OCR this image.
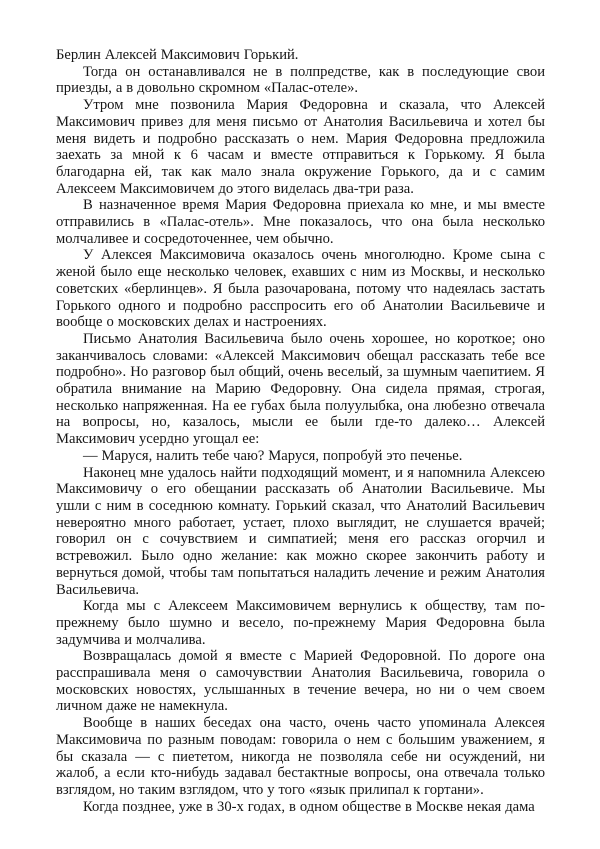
Берлин Алексей Максимович Горький.

Тогда он останавливался не в полпредстве, как в последующие свои приезды, а в довольно скромном «Палас-отеле».

Утром мне позвонила Мария Федоровна и сказала, что Алексей Максимович привез для меня письмо от Анатолия Васильевича и хотел бы меня видеть и подробно рассказать о нем. Мария Федоровна предложила заехать за мной к 6 часам и вместе отправиться к Горькому. Я была благодарна ей, так как мало знала окружение Горького, да и с самим Алексеем Максимовичем до этого виделась два-три раза.

В назначенное время Мария Федоровна приехала ко мне, и мы вместе отправились в «Палас-отель». Мне показалось, что она была несколько молчаливее и сосредоточеннее, чем обычно.

У Алексея Максимовича оказалось очень многолюдно. Кроме сына с женой было еще несколько человек, ехавших с ним из Москвы, и несколько советских «берлинцев». Я была разочарована, потому что надеялась застать Горького одного и подробно расспросить его об Анатолии Васильевиче и вообще о московских делах и настроениях.

Письмо Анатолия Васильевича было очень хорошее, но короткое; оно заканчивалось словами: «Алексей Максимович обещал рассказать тебе все подробно». Но разговор был общий, очень веселый, за шумным чаепитием. Я обратила внимание на Марию Федоровну. Она сидела прямая, строгая, несколько напряженная. На ее губах была полуулыбка, она любезно отвечала на вопросы, но, казалось, мысли ее были где-то далеко… Алексей Максимович усердно угощал ее:

— Маруся, налить тебе чаю? Маруся, попробуй это печенье.

Наконец мне удалось найти подходящий момент, и я напомнила Алексею Максимовичу о его обещании рассказать об Анатолии Васильевиче. Мы ушли с ним в соседнюю комнату. Горький сказал, что Анатолий Васильевич невероятно много работает, устает, плохо выглядит, не слушается врачей; говорил он с сочувствием и симпатией; меня его рассказ огорчил и встревожил. Было одно желание: как можно скорее закончить работу и вернуться домой, чтобы там попытаться наладить лечение и режим Анатолия Васильевича.

Когда мы с Алексеем Максимовичем вернулись к обществу, там по-прежнему было шумно и весело, по-прежнему Мария Федоровна была задумчива и молчалива.

Возвращалась домой я вместе с Марией Федоровной. По дороге она расспрашивала меня о самочувствии Анатолия Васильевича, говорила о московских новостях, услышанных в течение вечера, но ни о чем своем личном даже не намекнула.

Вообще в наших беседах она часто, очень часто упоминала Алексея Максимовича по разным поводам: говорила о нем с большим уважением, я бы сказала — с пиететом, никогда не позволяла себе ни осуждений, ни жалоб, а если кто-нибудь задавал бестактные вопросы, она отвечала только взглядом, но таким взглядом, что у того «язык прилипал к гортани».

Когда позднее, уже в 30-х годах, в одном обществе в Москве некая дама
